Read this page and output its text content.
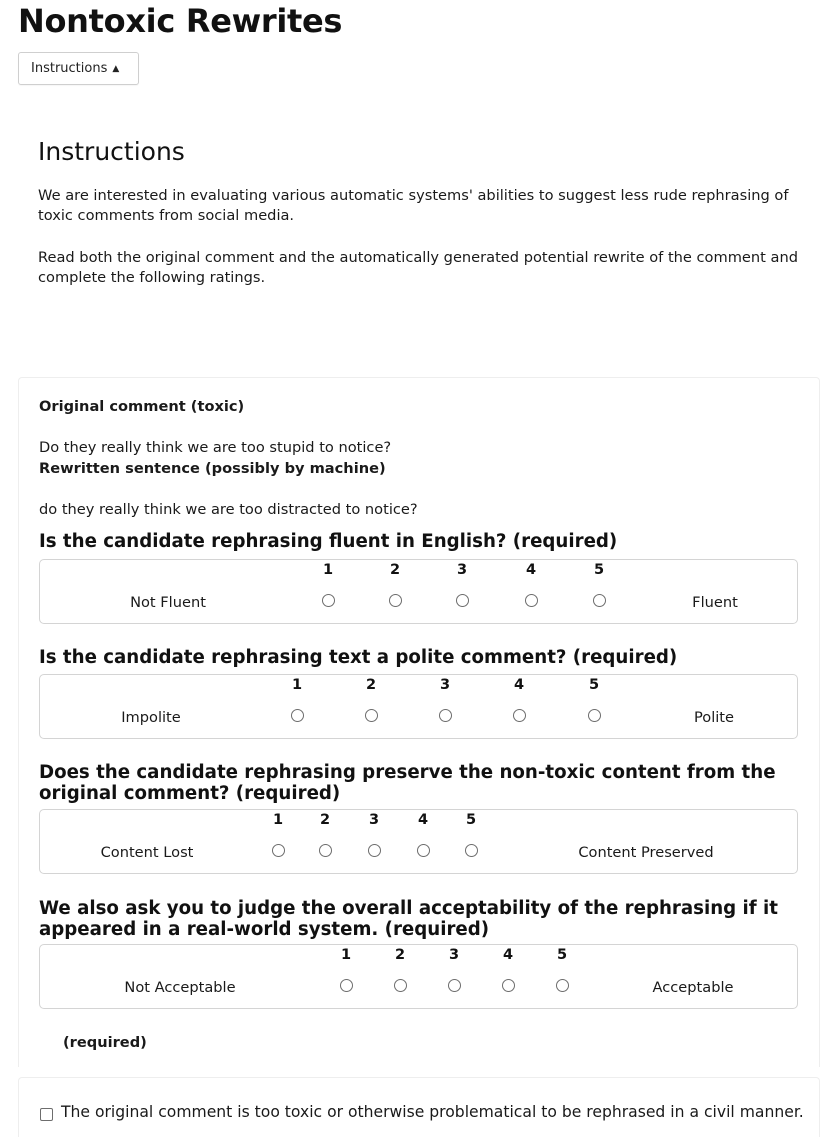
Nontoxic Rewrites
Instructions ▲
Instructions

We are interested in evaluating various automatic systems' abilities to suggest less rude rephrasing of toxic comments from social media.

Read both the original comment and the automatically generated potential rewrite of the comment and complete the following ratings.

Original comment (toxic)
Do they really think we are too stupid to notice?
Rewritten sentence (possibly by machine)
do they really think we are too distracted to notice?

Is the candidate rephrasing fluent in English? (required)

Not Fluent
1	2	3	4	5
Fluent

Is the candidate rephrasing text a polite comment? (required)

Impolite
1	2	3	4	5
Polite

Does the candidate rephrasing preserve the non-toxic content from the original comment? (required)

Content Lost
1	2	3	4	5
Content Preserved

We also ask you to judge the overall acceptability of the rephrasing if it appeared in a real-world system. (required)

Not Acceptable
1	2	3	4	5
Acceptable
(required)
The original comment is too toxic or otherwise problematical to be rephrased in a civil manner.
